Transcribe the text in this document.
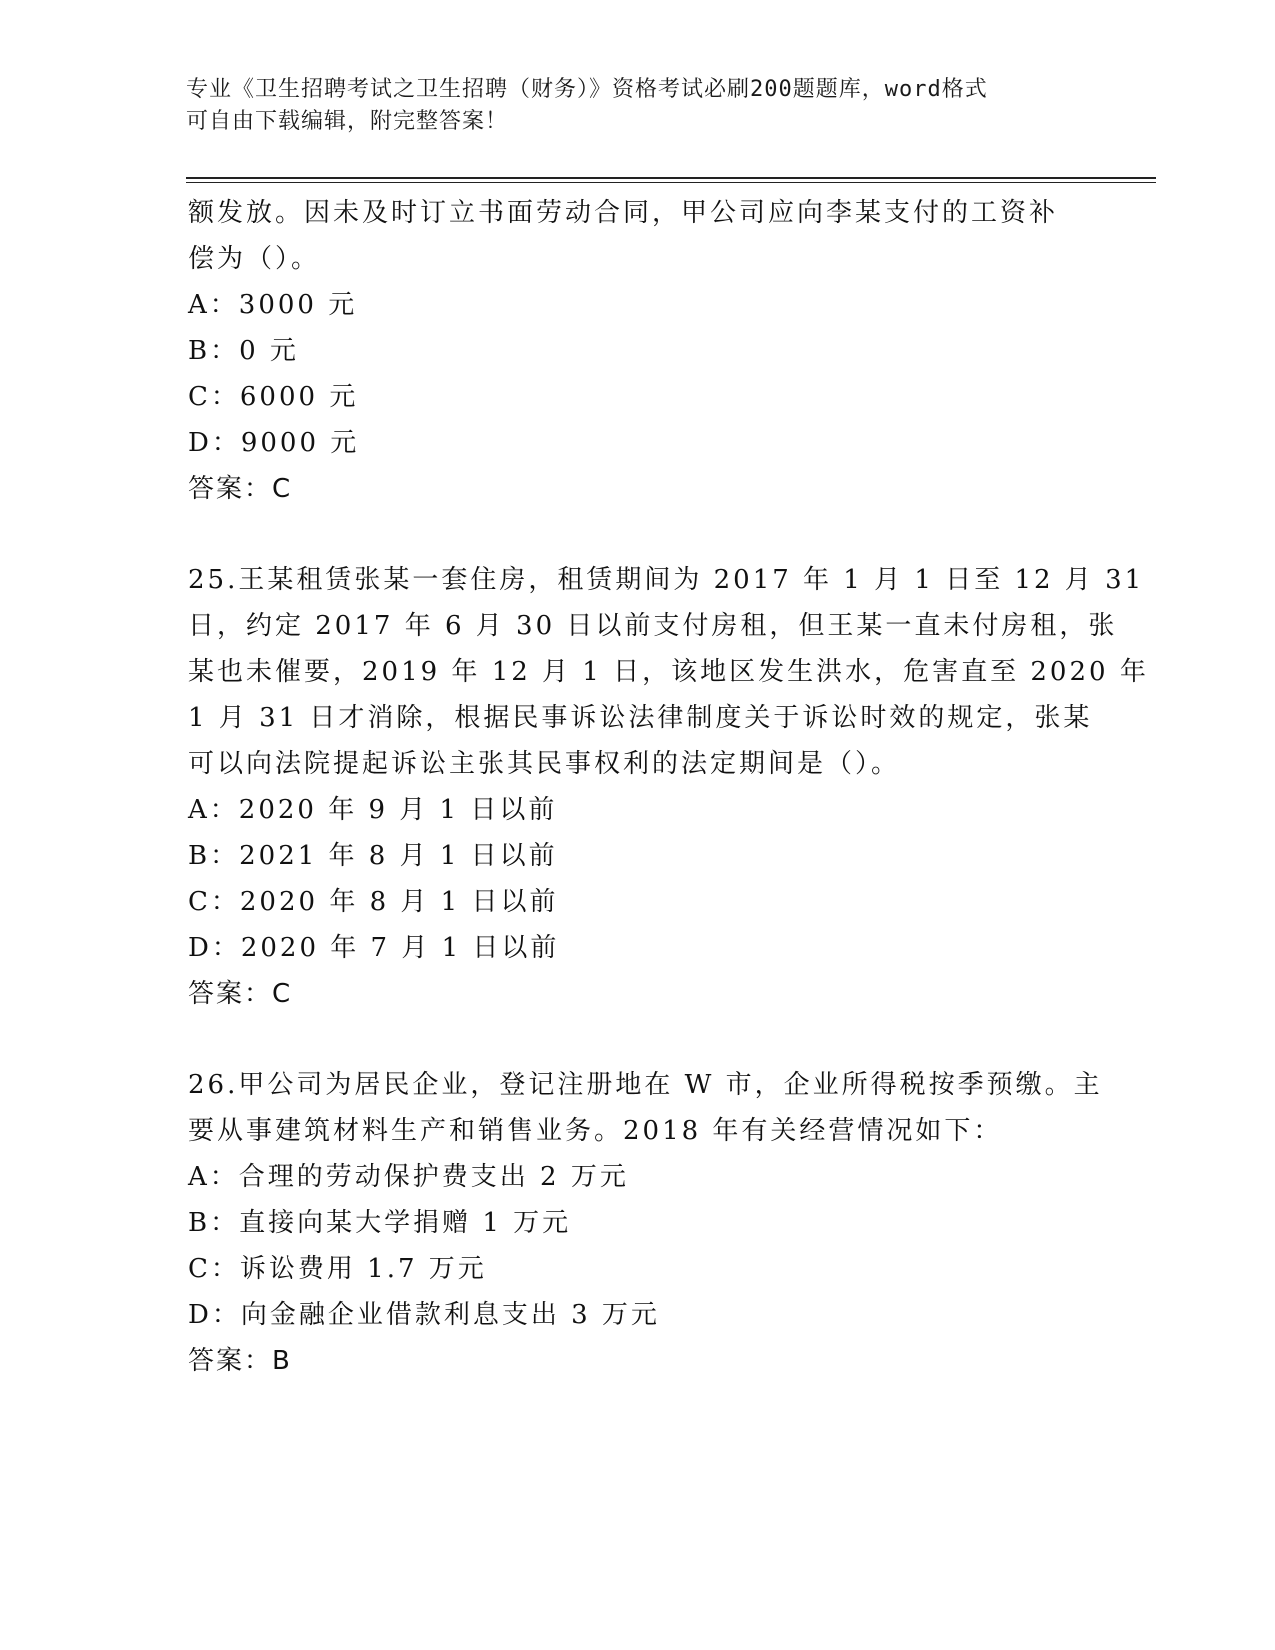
专业《卫生招聘考试之卫生招聘（财务）》资格考试必刷200题题库，word格式
可自由下载编辑，附完整答案！
额发放。因未及时订立书面劳动合同，甲公司应向李某支付的工资补
偿为（）。
A：3000 元
B：0 元
C：6000 元
D：9000 元
答案：C
25.王某租赁张某一套住房，租赁期间为 2017 年 1 月 1 日至 12 月 31
日，约定 2017 年 6 月 30 日以前支付房租，但王某一直未付房租，张
某也未催要，2019 年 12 月 1 日，该地区发生洪水，危害直至 2020 年
1 月 31 日才消除，根据民事诉讼法律制度关于诉讼时效的规定，张某
可以向法院提起诉讼主张其民事权利的法定期间是（）。
A：2020 年 9 月 1 日以前
B：2021 年 8 月 1 日以前
C：2020 年 8 月 1 日以前
D：2020 年 7 月 1 日以前
答案：C
26.甲公司为居民企业，登记注册地在 W 市，企业所得税按季预缴。主
要从事建筑材料生产和销售业务。2018 年有关经营情况如下：
A：合理的劳动保护费支出 2 万元
B：直接向某大学捐赠 1 万元
C：诉讼费用 1.7 万元
D：向金融企业借款利息支出 3 万元
答案：B
